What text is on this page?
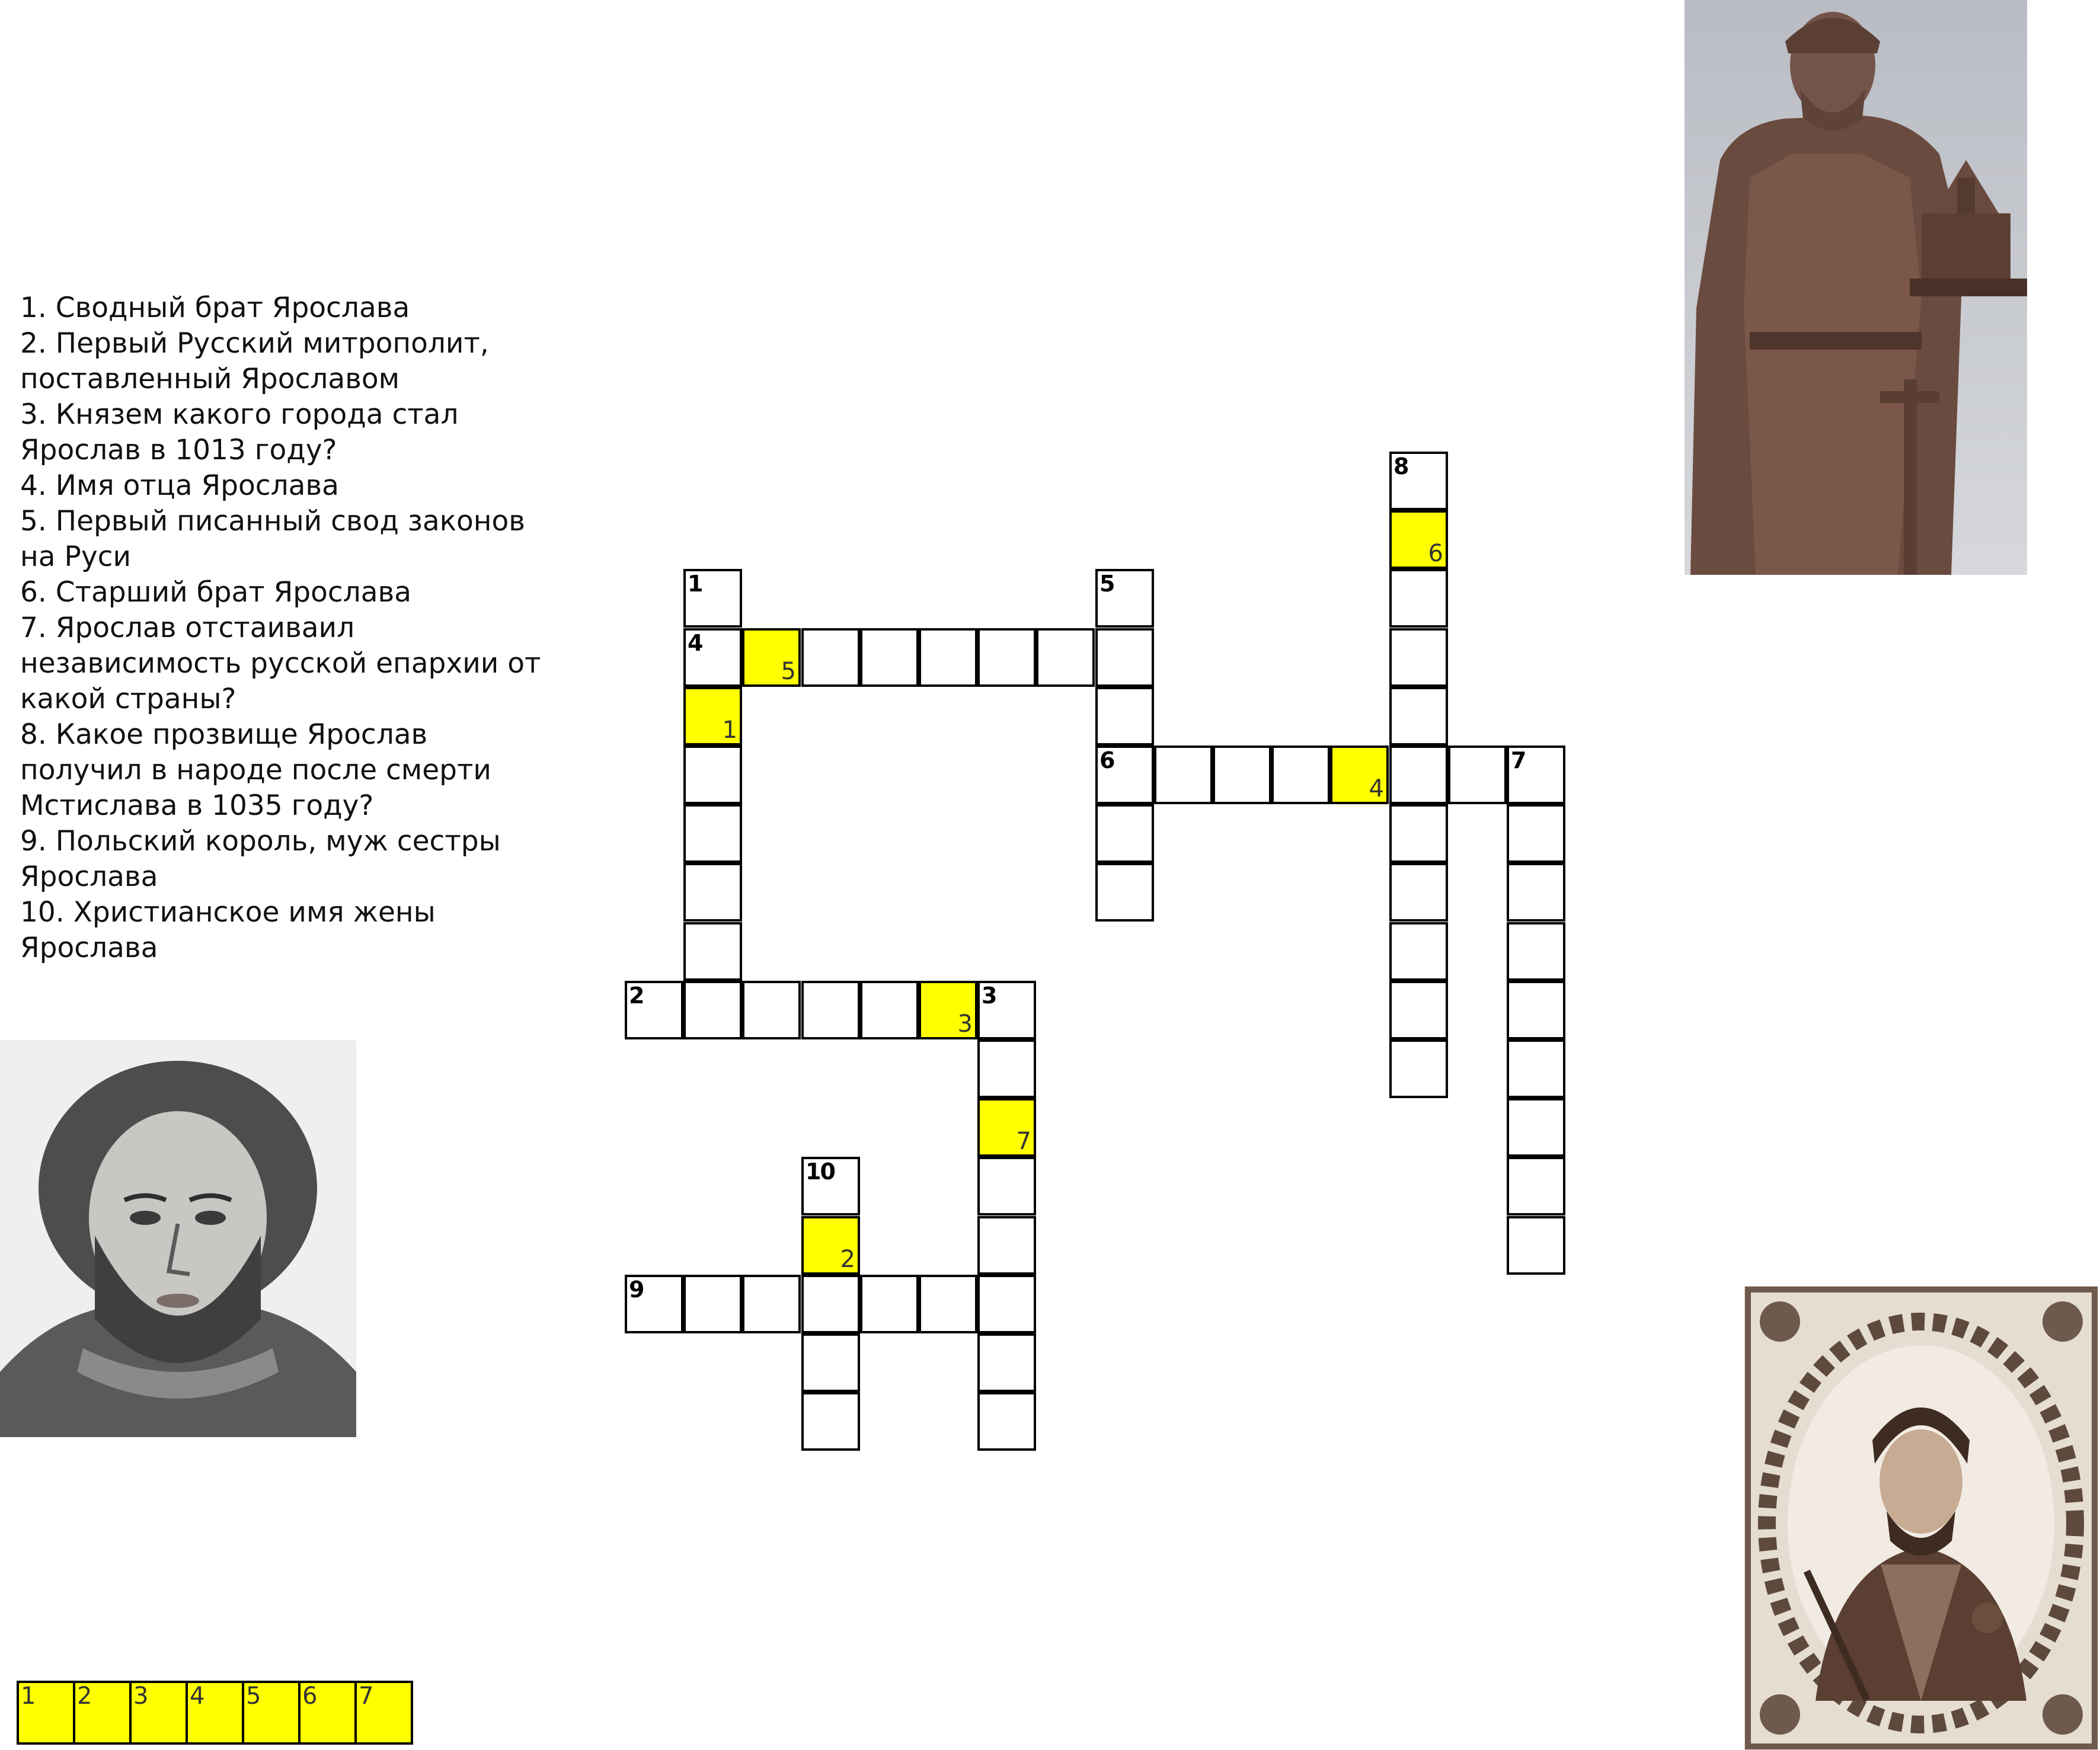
1. Сводный брат Ярослава
2. Первый Русский митрополит, поставленный Ярославом
3. Князем какого города стал Ярослав в 1013 году?
4. Имя отца Ярослава
5. Первый писанный свод законов на Руси
6. Старший брат Ярослава
7. Ярослав отстаиваил независимость русской епархии от какой страны?
8. Какое прозвище Ярослав получил в народе после смерти Мстислава в 1035 году?
9. Польский король, муж сестры Ярослава
10. Христианское имя жены Ярослава
1
4
1
2
3
3
7
5
5
6
4
7
8
6
9
10
2
1 2 3 4 5 6 7
